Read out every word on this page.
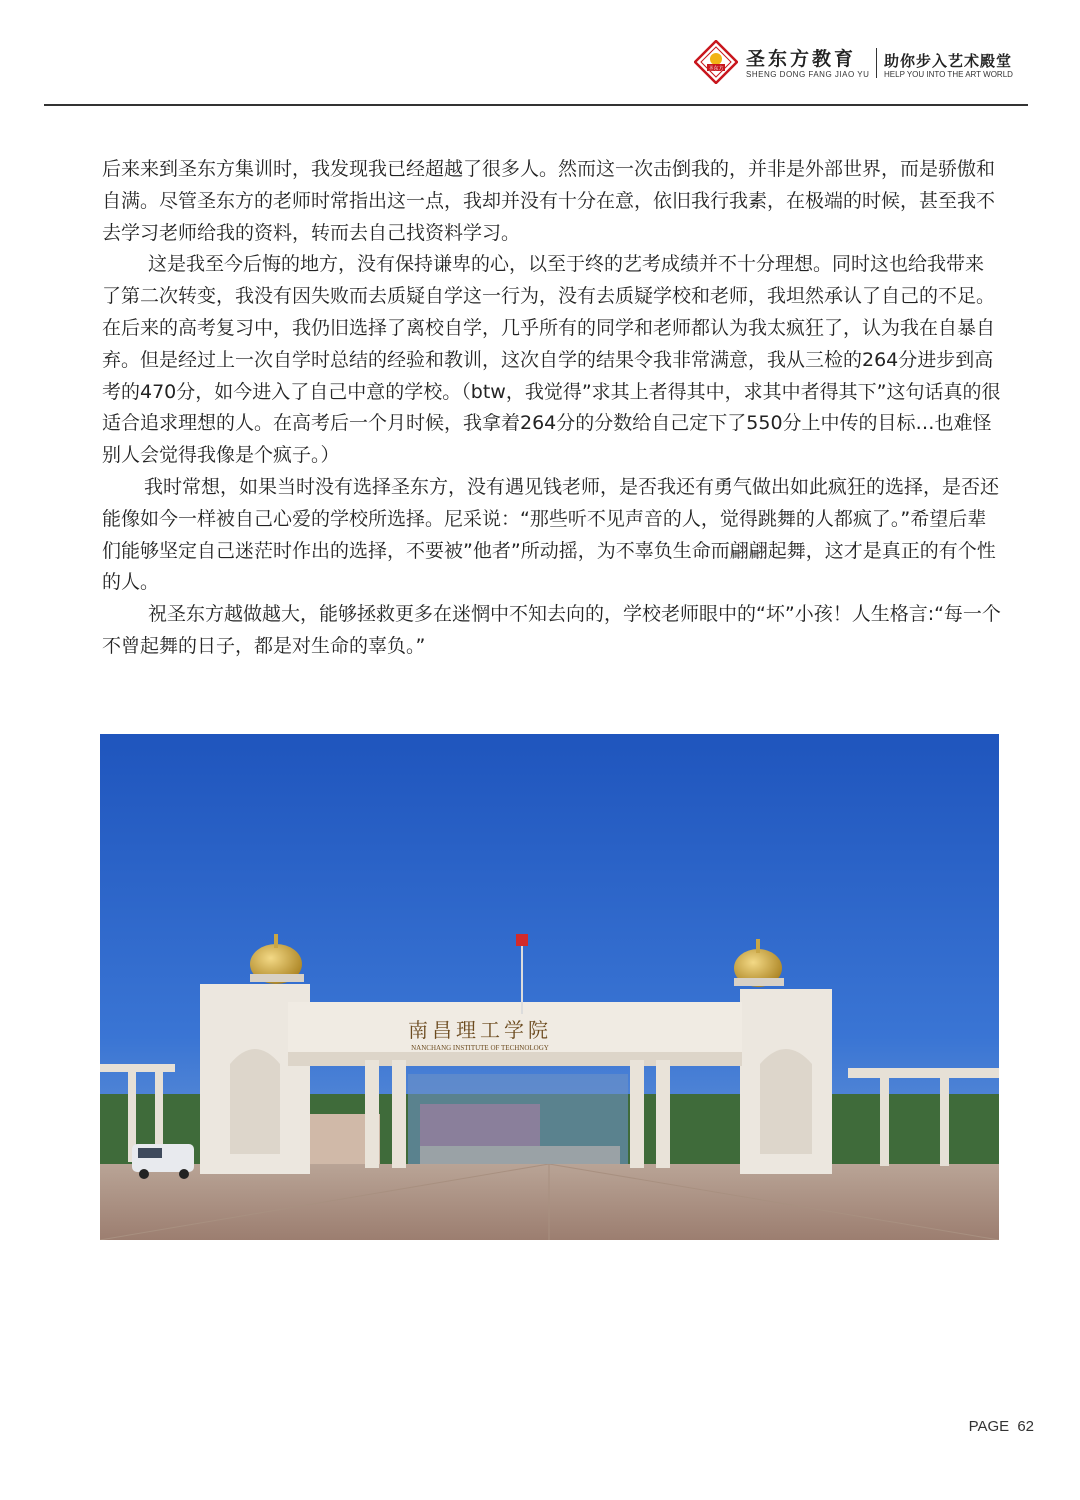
圣东方 圣东方教育
SHENG DONG FANG JIAO YU
助你步入艺术殿堂
HELP YOU INTO THE ART WORLD

后来来到圣东方集训时，我发现我已经超越了很多人。然而这一次击倒我的，并非是外部世界，而是骄傲和自满。尽管圣东方的老师时常指出这一点，我却并没有十分在意，依旧我行我素，在极端的时候，甚至我不去学习老师给我的资料，转而去自己找资料学习。

这是我至今后悔的地方，没有保持谦卑的心，以至于终的艺考成绩并不十分理想。同时这也给我带来了第二次转变，我没有因失败而去质疑自学这一行为，没有去质疑学校和老师，我坦然承认了自己的不足。在后来的高考复习中，我仍旧选择了离校自学，几乎所有的同学和老师都认为我太疯狂了，认为我在自暴自弃。但是经过上一次自学时总结的经验和教训，这次自学的结果令我非常满意，我从三检的264分进步到高考的470分，如今进入了自己中意的学校。（btw，我觉得”求其上者得其中，求其中者得其下”这句话真的很适合追求理想的人。在高考后一个月时候，我拿着264分的分数给自己定下了550分上中传的目标…也难怪别人会觉得我像是个疯子。）

我时常想，如果当时没有选择圣东方，没有遇见钱老师，是否我还有勇气做出如此疯狂的选择，是否还能像如今一样被自己心爱的学校所选择。尼采说：“那些听不见声音的人，觉得跳舞的人都疯了。”希望后辈们能够坚定自己迷茫时作出的选择，不要被”他者”所动摇，为不辜负生命而翩翩起舞，这才是真正的有个性的人。

祝圣东方越做越大，能够拯救更多在迷惘中不知去向的，学校老师眼中的“坏”小孩！人生格言:“每一个不曾起舞的日子，都是对生命的辜负。”

南昌理工学院
NANCHANG INSTITUTE OF TECHNOLOGY
PAGE 62
